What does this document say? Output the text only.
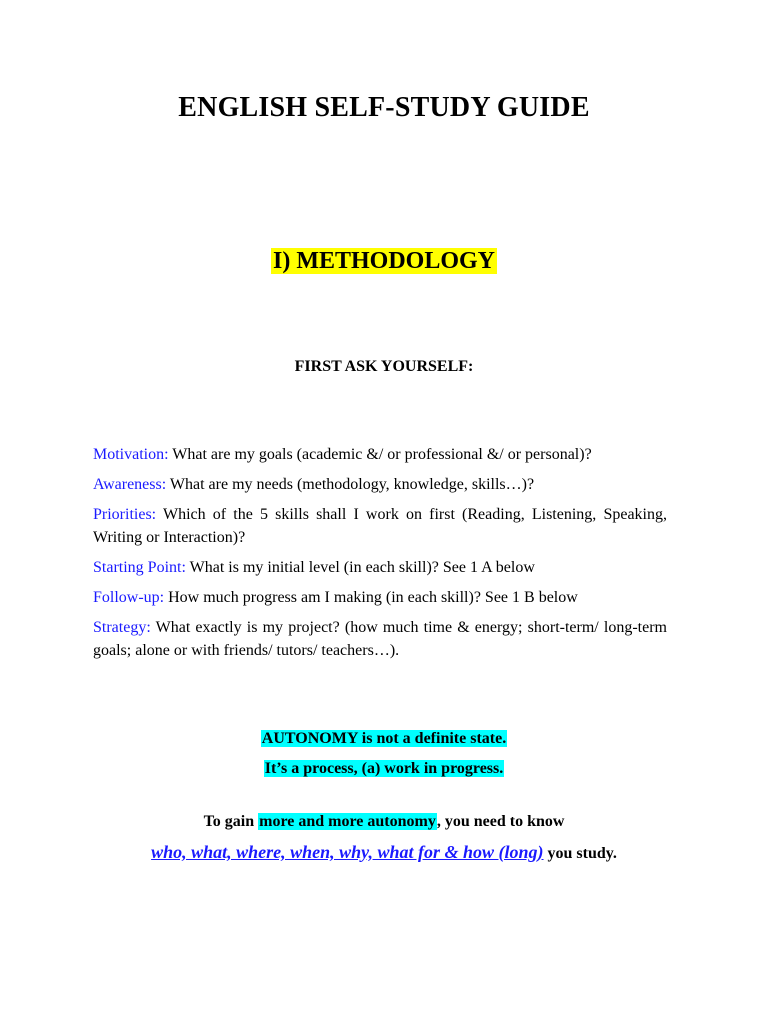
ENGLISH SELF-STUDY GUIDE
I) METHODOLOGY
FIRST ASK YOURSELF:

Motivation: What are my goals (academic &/ or professional &/ or personal)?

Awareness: What are my needs (methodology, knowledge, skills…)?

Priorities: Which of the 5 skills shall I work on first (Reading, Listening, Speaking, Writing or Interaction)?

Starting Point: What is my initial level (in each skill)? See 1 A below

Follow-up: How much progress am I making (in each skill)? See 1 B below

Strategy: What exactly is my project? (how much time & energy; short-term/ long-term goals; alone or with friends/ tutors/ teachers…).

AUTONOMY is not a definite state.
It’s a process, (a) work in progress.
To gain more and more autonomy, you need to know
who, what, where, when, why, what for & how (long) you study.
